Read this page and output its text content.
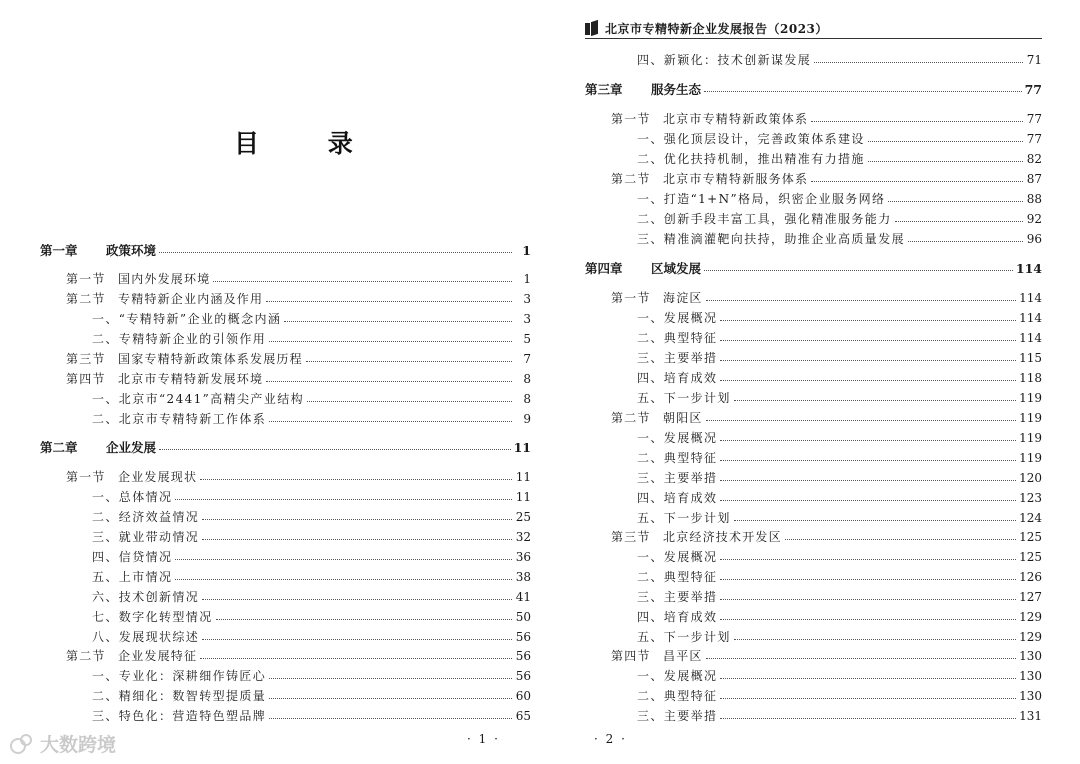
目 录
第一章 政策环境	1
第一节 国内外发展环境	1
第二节 专精特新企业内涵及作用	3
一、“专精特新”企业的概念内涵	3
二、专精特新企业的引领作用	5
第三节 国家专精特新政策体系发展历程	7
第四节 北京市专精特新发展环境	8
一、北京市“2441”高精尖产业结构	8
二、北京市专精特新工作体系	9
第二章 企业发展	11
第一节 企业发展现状	11
一、总体情况	11
二、经济效益情况	25
三、就业带动情况	32
四、信贷情况	36
五、上市情况	38
六、技术创新情况	41
七、数字化转型情况	50
八、发展现状综述	56
第二节 企业发展特征	56
一、专业化：深耕细作铸匠心	56
二、精细化：数智转型提质量	60
三、特色化：营造特色塑品牌	65
· 1 ·
北京市专精特新企业发展报告（2023）
四、新颖化：技术创新谋发展	71
第三章 服务生态	77
第一节 北京市专精特新政策体系	77
一、强化顶层设计，完善政策体系建设	77
二、优化扶持机制，推出精准有力措施	82
第二节 北京市专精特新服务体系	87
一、打造“1+N”格局，织密企业服务网络	88
二、创新手段丰富工具，强化精准服务能力	92
三、精准滴灌靶向扶持，助推企业高质量发展	96
第四章 区域发展	114
第一节 海淀区	114
一、发展概况	114
二、典型特征	114
三、主要举措	115
四、培育成效	118
五、下一步计划	119
第二节 朝阳区	119
一、发展概况	119
二、典型特征	119
三、主要举措	120
四、培育成效	123
五、下一步计划	124
第三节 北京经济技术开发区	125
一、发展概况	125
二、典型特征	126
三、主要举措	127
四、培育成效	129
五、下一步计划	129
第四节 昌平区	130
一、发展概况	130
二、典型特征	130
三、主要举措	131
· 2 ·
大数跨境
